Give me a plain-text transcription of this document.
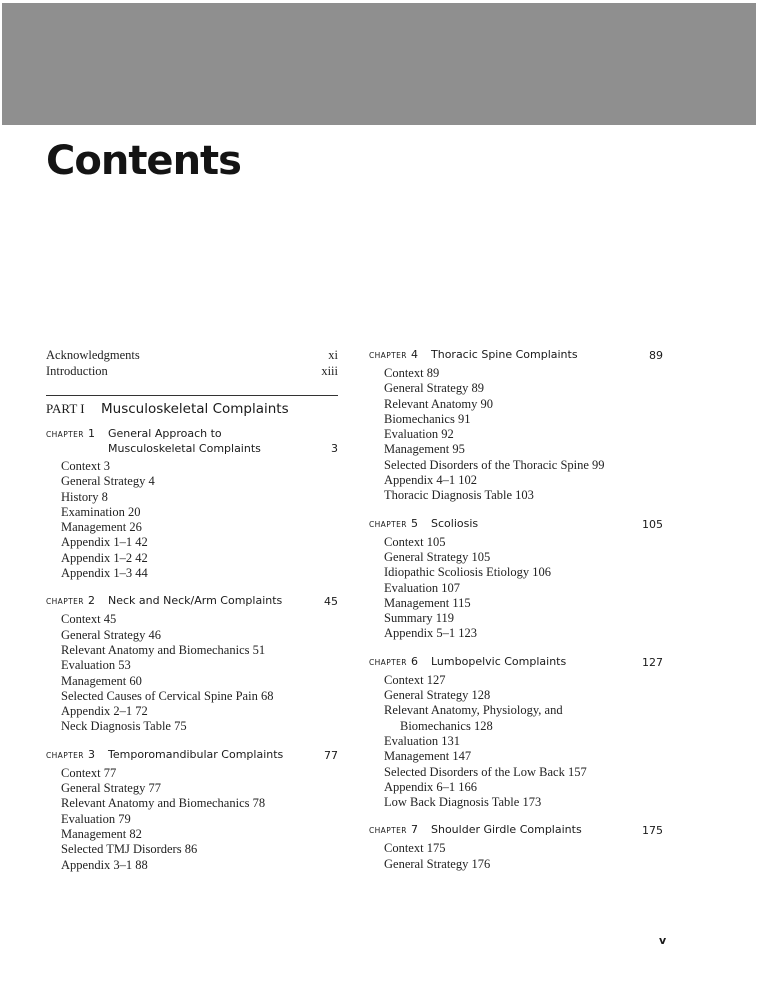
Contents
Acknowledgments	xi
Introduction	xiii
PART I	Musculoskeletal Complaints
CHAPTER 1	General Approach to Musculoskeletal Complaints	3
Context 3
General Strategy 4
History 8
Examination 20
Management 26
Appendix 1–1 42
Appendix 1–2 42
Appendix 1–3 44
CHAPTER 2	Neck and Neck/Arm Complaints	45
Context 45
General Strategy 46
Relevant Anatomy and Biomechanics 51
Evaluation 53
Management 60
Selected Causes of Cervical Spine Pain 68
Appendix 2–1 72
Neck Diagnosis Table 75
CHAPTER 3	Temporomandibular Complaints	77
Context 77
General Strategy 77
Relevant Anatomy and Biomechanics 78
Evaluation 79
Management 82
Selected TMJ Disorders 86
Appendix 3–1 88
CHAPTER 4	Thoracic Spine Complaints	89
Context 89
General Strategy 89
Relevant Anatomy 90
Biomechanics 91
Evaluation 92
Management 95
Selected Disorders of the Thoracic Spine 99
Appendix 4–1 102
Thoracic Diagnosis Table 103
CHAPTER 5	Scoliosis	105
Context 105
General Strategy 105
Idiopathic Scoliosis Etiology 106
Evaluation 107
Management 115
Summary 119
Appendix 5–1 123
CHAPTER 6	Lumbopelvic Complaints	127
Context 127
General Strategy 128
Relevant Anatomy, Physiology, and
Biomechanics 128
Evaluation 131
Management 147
Selected Disorders of the Low Back 157
Appendix 6–1 166
Low Back Diagnosis Table 173
CHAPTER 7	Shoulder Girdle Complaints	175
Context 175
General Strategy 176
v
